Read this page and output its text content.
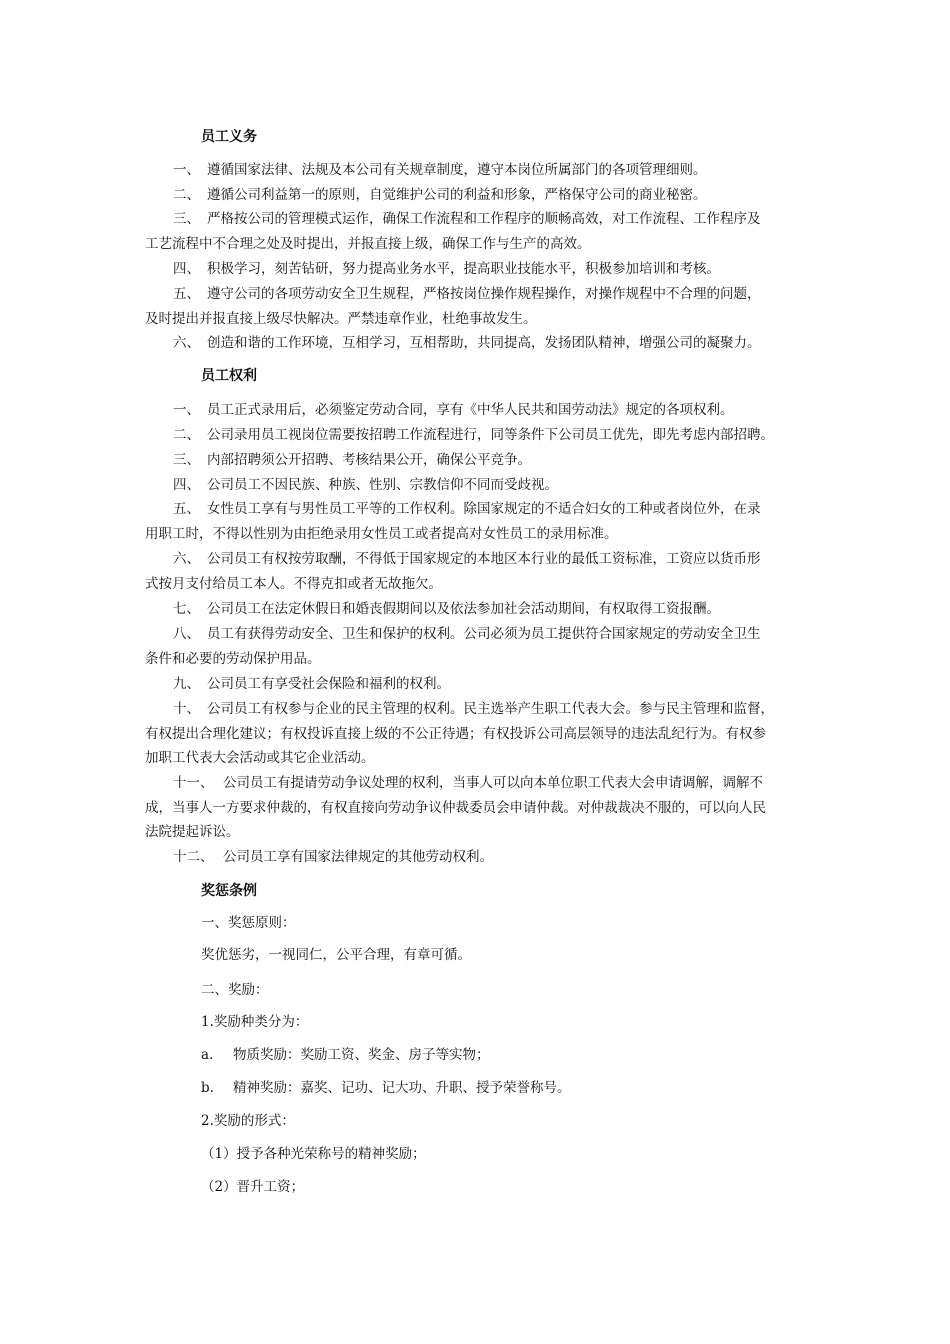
员工义务
一、 遵循国家法律、法规及本公司有关规章制度，遵守本岗位所属部门的各项管理细则。
二、 遵循公司利益第一的原则，自觉维护公司的利益和形象，严格保守公司的商业秘密。
三、 严格按公司的管理模式运作，确保工作流程和工作程序的顺畅高效，对工作流程、工作程序及
工艺流程中不合理之处及时提出，并报直接上级，确保工作与生产的高效。
四、 积极学习，刻苦钻研，努力提高业务水平，提高职业技能水平，积极参加培训和考核。
五、 遵守公司的各项劳动安全卫生规程，严格按岗位操作规程操作，对操作规程中不合理的问题，
及时提出并报直接上级尽快解决。严禁违章作业，杜绝事故发生。
六、 创造和谐的工作环境，互相学习，互相帮助，共同提高，发扬团队精神，增强公司的凝聚力。
员工权利
一、 员工正式录用后，必须鉴定劳动合同，享有《中华人民共和国劳动法》规定的各项权利。
二、 公司录用员工视岗位需要按招聘工作流程进行，同等条件下公司员工优先，即先考虑内部招聘。
三、 内部招聘须公开招聘、考核结果公开，确保公平竞争。
四、 公司员工不因民族、种族、性别、宗教信仰不同而受歧视。
五、 女性员工享有与男性员工平等的工作权利。除国家规定的不适合妇女的工种或者岗位外，在录
用职工时，不得以性别为由拒绝录用女性员工或者提高对女性员工的录用标准。
六、 公司员工有权按劳取酬，不得低于国家规定的本地区本行业的最低工资标准，工资应以货币形
式按月支付给员工本人。不得克扣或者无故拖欠。
七、 公司员工在法定休假日和婚丧假期间以及依法参加社会活动期间，有权取得工资报酬。
八、 员工有获得劳动安全、卫生和保护的权利。公司必须为员工提供符合国家规定的劳动安全卫生
条件和必要的劳动保护用品。
九、 公司员工有享受社会保险和福利的权利。
十、 公司员工有权参与企业的民主管理的权利。民主选举产生职工代表大会。参与民主管理和监督，
有权提出合理化建议；有权投诉直接上级的不公正待遇；有权投诉公司高层领导的违法乱纪行为。有权参
加职工代表大会活动或其它企业活动。
十一、 公司员工有提请劳动争议处理的权利，当事人可以向本单位职工代表大会申请调解，调解不
成，当事人一方要求仲裁的，有权直接向劳动争议仲裁委员会申请仲裁。对仲裁裁决不服的，可以向人民
法院提起诉讼。
十二、 公司员工享有国家法律规定的其他劳动权利。
奖惩条例
一、奖惩原则：
奖优惩劣，一视同仁，公平合理，有章可循。
二、奖励：
1.奖励种类分为：
a. 物质奖励：奖励工资、奖金、房子等实物；
b. 精神奖励：嘉奖、记功、记大功、升职、授予荣誉称号。
2.奖励的形式：
（1）授予各种光荣称号的精神奖励；
（2）晋升工资；
